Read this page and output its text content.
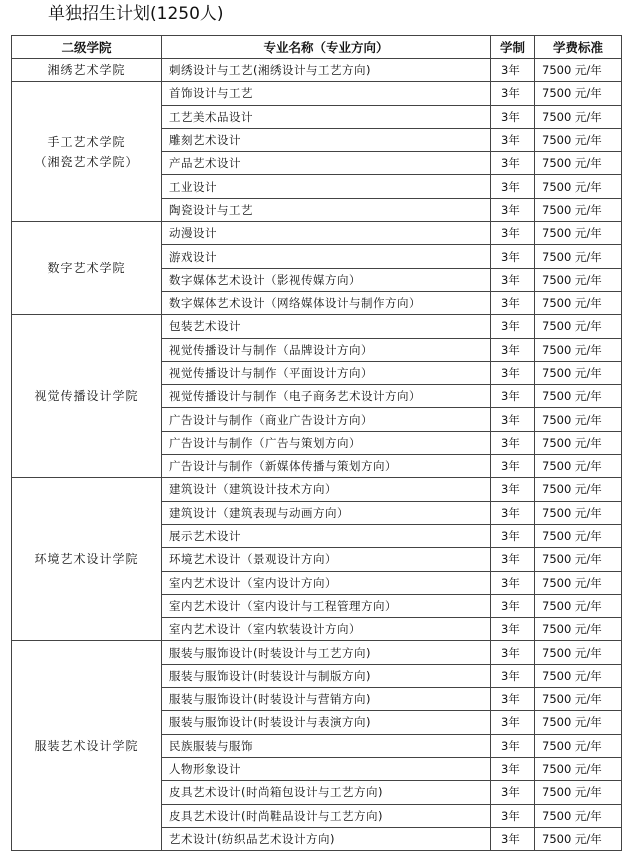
单独招生计划(1250人)
二级学院	专业名称（专业方向）	学制	学费标准

湘绣艺术学院	刺绣设计与工艺(湘绣设计与工艺方向)	3年	7500 元/年

手工艺术学院
（湘瓷艺术学院）	首饰设计与工艺	3年	7500 元/年
	工艺美术品设计	3年	7500 元/年
	雕刻艺术设计	3年	7500 元/年
	产品艺术设计	3年	7500 元/年
	工业设计	3年	7500 元/年
	陶瓷设计与工艺	3年	7500 元/年

数字艺术学院	动漫设计	3年	7500 元/年
	游戏设计	3年	7500 元/年
	数字媒体艺术设计（影视传媒方向）	3年	7500 元/年
	数字媒体艺术设计（网络媒体设计与制作方向）	3年	7500 元/年

视觉传播设计学院	包装艺术设计	3年	7500 元/年
	视觉传播设计与制作（品牌设计方向）	3年	7500 元/年
	视觉传播设计与制作（平面设计方向）	3年	7500 元/年
	视觉传播设计与制作（电子商务艺术设计方向）	3年	7500 元/年
	广告设计与制作（商业广告设计方向）	3年	7500 元/年
	广告设计与制作（广告与策划方向）	3年	7500 元/年
	广告设计与制作（新媒体传播与策划方向）	3年	7500 元/年

环境艺术设计学院	建筑设计（建筑设计技术方向）	3年	7500 元/年
	建筑设计（建筑表现与动画方向）	3年	7500 元/年
	展示艺术设计	3年	7500 元/年
	环境艺术设计（景观设计方向）	3年	7500 元/年
	室内艺术设计（室内设计方向）	3年	7500 元/年
	室内艺术设计（室内设计与工程管理方向）	3年	7500 元/年
	室内艺术设计（室内软装设计方向）	3年	7500 元/年

服装艺术设计学院	服装与服饰设计(时装设计与工艺方向)	3年	7500 元/年
	服装与服饰设计(时装设计与制版方向)	3年	7500 元/年
	服装与服饰设计(时装设计与营销方向)	3年	7500 元/年
	服装与服饰设计(时装设计与表演方向)	3年	7500 元/年
	民族服装与服饰	3年	7500 元/年
	人物形象设计	3年	7500 元/年
	皮具艺术设计(时尚箱包设计与工艺方向)	3年	7500 元/年
	皮具艺术设计(时尚鞋品设计与工艺方向)	3年	7500 元/年
	艺术设计(纺织品艺术设计方向)	3年	7500 元/年
